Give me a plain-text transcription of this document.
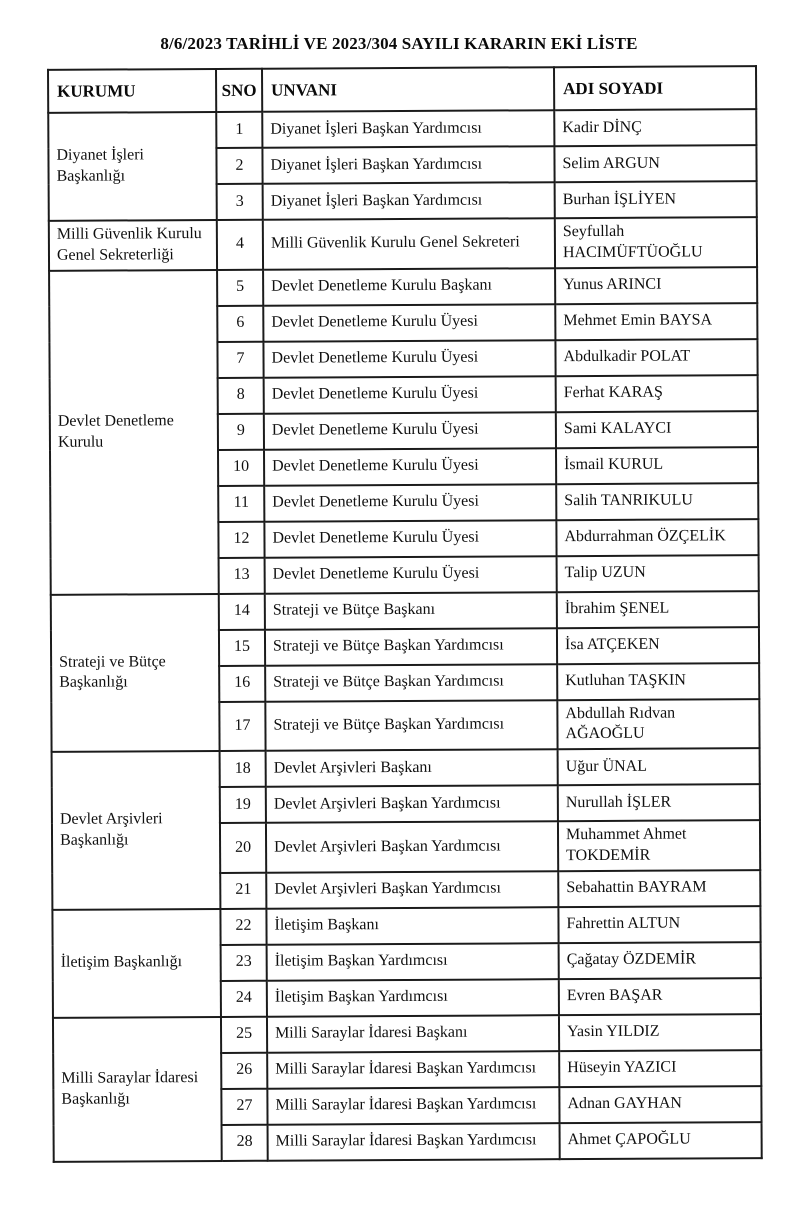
8/6/2023 TARİHLİ VE 2023/304 SAYILI KARARIN EKİ LİSTE
KURUMU	SNO	UNVANI	ADI SOYADI
Diyanet İşleri
Başkanlığı	1	Diyanet İşleri Başkan Yardımcısı	Kadir DİNÇ
	2	Diyanet İşleri Başkan Yardımcısı	Selim ARGUN
	3	Diyanet İşleri Başkan Yardımcısı	Burhan İŞLİYEN
Milli Güvenlik Kurulu
Genel Sekreterliği	4	Milli Güvenlik Kurulu Genel Sekreteri	Seyfullah
HACIMÜFTÜOĞLU
Devlet Denetleme
Kurulu	5	Devlet Denetleme Kurulu Başkanı	Yunus ARINCI
	6	Devlet Denetleme Kurulu Üyesi	Mehmet Emin BAYSA
	7	Devlet Denetleme Kurulu Üyesi	Abdulkadir POLAT
	8	Devlet Denetleme Kurulu Üyesi	Ferhat KARAŞ
	9	Devlet Denetleme Kurulu Üyesi	Sami KALAYCI
	10	Devlet Denetleme Kurulu Üyesi	İsmail KURUL
	11	Devlet Denetleme Kurulu Üyesi	Salih TANRIKULU
	12	Devlet Denetleme Kurulu Üyesi	Abdurrahman ÖZÇELİK
	13	Devlet Denetleme Kurulu Üyesi	Talip UZUN
Strateji ve Bütçe
Başkanlığı	14	Strateji ve Bütçe Başkanı	İbrahim ŞENEL
	15	Strateji ve Bütçe Başkan Yardımcısı	İsa ATÇEKEN
	16	Strateji ve Bütçe Başkan Yardımcısı	Kutluhan TAŞKIN
	17	Strateji ve Bütçe Başkan Yardımcısı	Abdullah Rıdvan AĞAOĞLU
Devlet Arşivleri
Başkanlığı	18	Devlet Arşivleri Başkanı	Uğur ÜNAL
	19	Devlet Arşivleri Başkan Yardımcısı	Nurullah İŞLER
	20	Devlet Arşivleri Başkan Yardımcısı	Muhammet Ahmet
TOKDEMİR
	21	Devlet Arşivleri Başkan Yardımcısı	Sebahattin BAYRAM
İletişim Başkanlığı	22	İletişim Başkanı	Fahrettin ALTUN
	23	İletişim Başkan Yardımcısı	Çağatay ÖZDEMİR
	24	İletişim Başkan Yardımcısı	Evren BAŞAR
Milli Saraylar İdaresi
Başkanlığı	25	Milli Saraylar İdaresi Başkanı	Yasin YILDIZ
	26	Milli Saraylar İdaresi Başkan Yardımcısı	Hüseyin YAZICI
	27	Milli Saraylar İdaresi Başkan Yardımcısı	Adnan GAYHAN
	28	Milli Saraylar İdaresi Başkan Yardımcısı	Ahmet ÇAPOĞLU
